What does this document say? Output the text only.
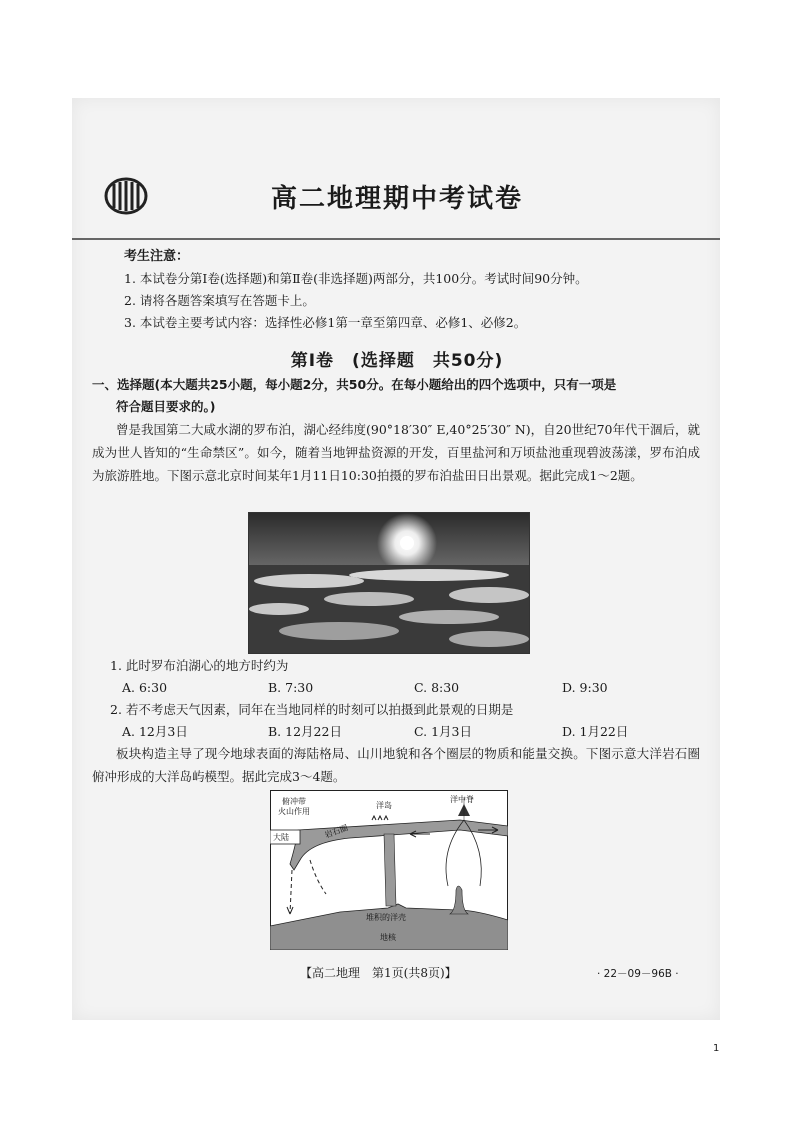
高二地理期中考试卷
考生注意：
1. 本试卷分第Ⅰ卷(选择题)和第Ⅱ卷(非选择题)两部分，共100分。考试时间90分钟。
2. 请将各题答案填写在答题卡上。
3. 本试卷主要考试内容：选择性必修1第一章至第四章、必修1、必修2。
第Ⅰ卷　(选择题　共50分)
一、选择题(本大题共25小题，每小题2分，共50分。在每小题给出的四个选项中，只有一项是
符合题目要求的。)
曾是我国第二大咸水湖的罗布泊，湖心经纬度(90°18′30″ E,40°25′30″ N)，自20世纪70年代干涸后，就成为世人皆知的“生命禁区”。如今，随着当地钾盐资源的开发，百里盐河和万顷盐池重现碧波荡漾，罗布泊成为旅游胜地。下图示意北京时间某年1月11日10:30拍摄的罗布泊盐田日出景观。据此完成1～2题。
1. 此时罗布泊湖心的地方时约为
A. 6:30	B. 7:30	C. 8:30	D. 9:30
2. 若不考虑天气因素，同年在当地同样的时刻可以拍摄到此景观的日期是
A. 12月3日	B. 12月22日	C. 1月3日	D. 1月22日
板块构造主导了现今地球表面的海陆格局、山川地貌和各个圈层的物质和能量交换。下图示意大洋岩石圈俯冲形成的大洋岛屿模型。据此完成3～4题。
俯冲带
火山作用
大陆
洋岛
洋中脊
岩石圈
堆积的洋壳
地核
【高二地理　第1页(共8页)】	· 22－09－96B ·
1
